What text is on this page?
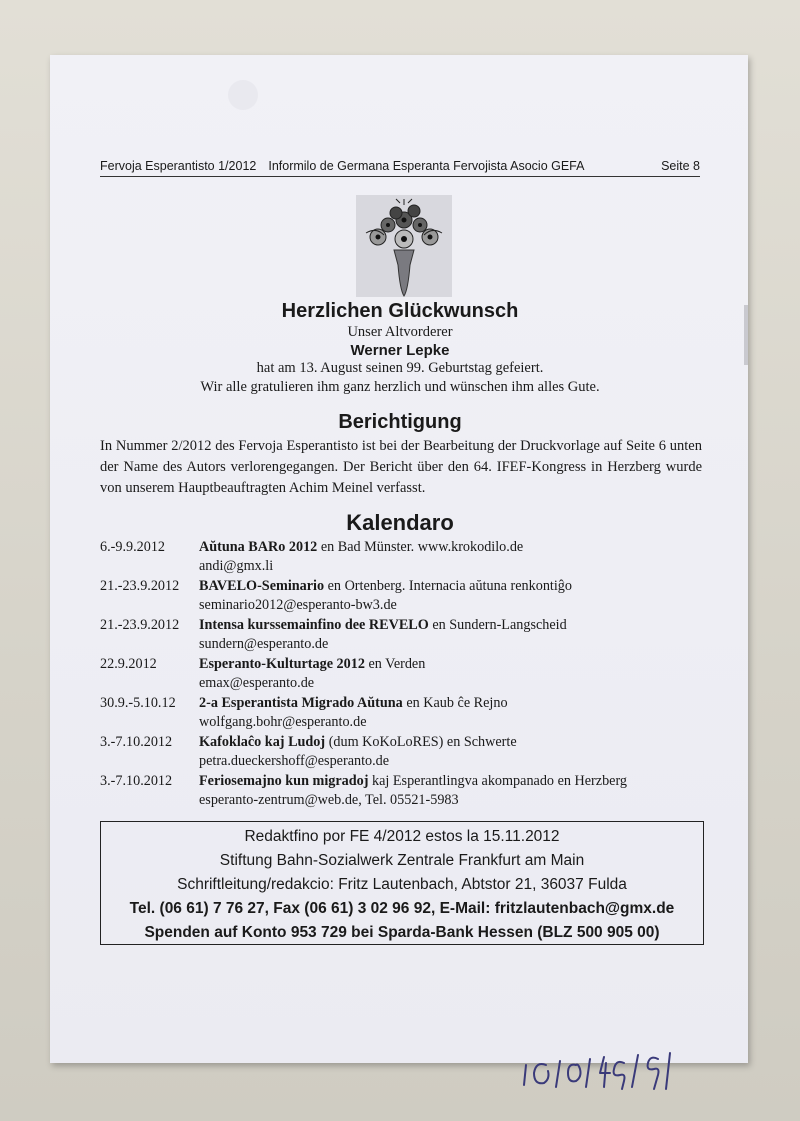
Fervoja Esperantisto 1/2012 Informilo de Germana Esperanta Fervojista Asocio GEFA	Seite 8
Herzlichen Glückwunsch
Unser Altvorderer
Werner Lepke
hat am 13. August seinen 99. Geburtstag gefeiert.
Wir alle gratulieren ihm ganz herzlich und wünschen ihm alles Gute.
Berichtigung
In Nummer 2/2012 des Fervoja Esperantisto ist bei der Bearbeitung der Druckvorlage auf Seite 6 unten der Name des Autors verlorengegangen. Der Bericht über den 64. IFEF-Kongress in Herzberg wurde von unserem Hauptbeauftragten Achim Meinel verfasst.
Kalendaro
6.-9.9.2012 Aŭtuna BARo 2012 en Bad Münster. www.krokodilo.de
andi@gmx.li
21.-23.9.2012 BAVELO-Seminario en Ortenberg. Internacia aŭtuna renkontiĝo
seminario2012@esperanto-bw3.de
21.-23.9.2012 Intensa kurssemainfino dee REVELO en Sundern-Langscheid
sundern@esperanto.de
22.9.2012	Esperanto-Kulturtage 2012 en Verden
emax@esperanto.de
30.9.-5.10.12 2-a Esperantista Migrado Aŭtuna en Kaub ĉe Rejno
wolfgang.bohr@esperanto.de
3.-7.10.2012 Kafoklaĉo kaj Ludoj (dum KoKoLoRES) en Schwerte
petra.dueckershoff@esperanto.de
3.-7.10.2012 Feriosemajno kun migradoj kaj Esperantlingva akompanado en Herzberg
esperanto-zentrum@web.de, Tel. 05521-5983
Redaktfino por FE 4/2012 estos la 15.11.2012
Stiftung Bahn-Sozialwerk Zentrale Frankfurt am Main
Schriftleitung/redakcio: Fritz Lautenbach, Abtstor 21, 36037 Fulda
Tel. (06 61) 7 76 27, Fax (06 61) 3 02 96 92, E-Mail: fritzlautenbach@gmx.de
Spenden auf Konto 953 729 bei Sparda-Bank Hessen (BLZ 500 905 00)
